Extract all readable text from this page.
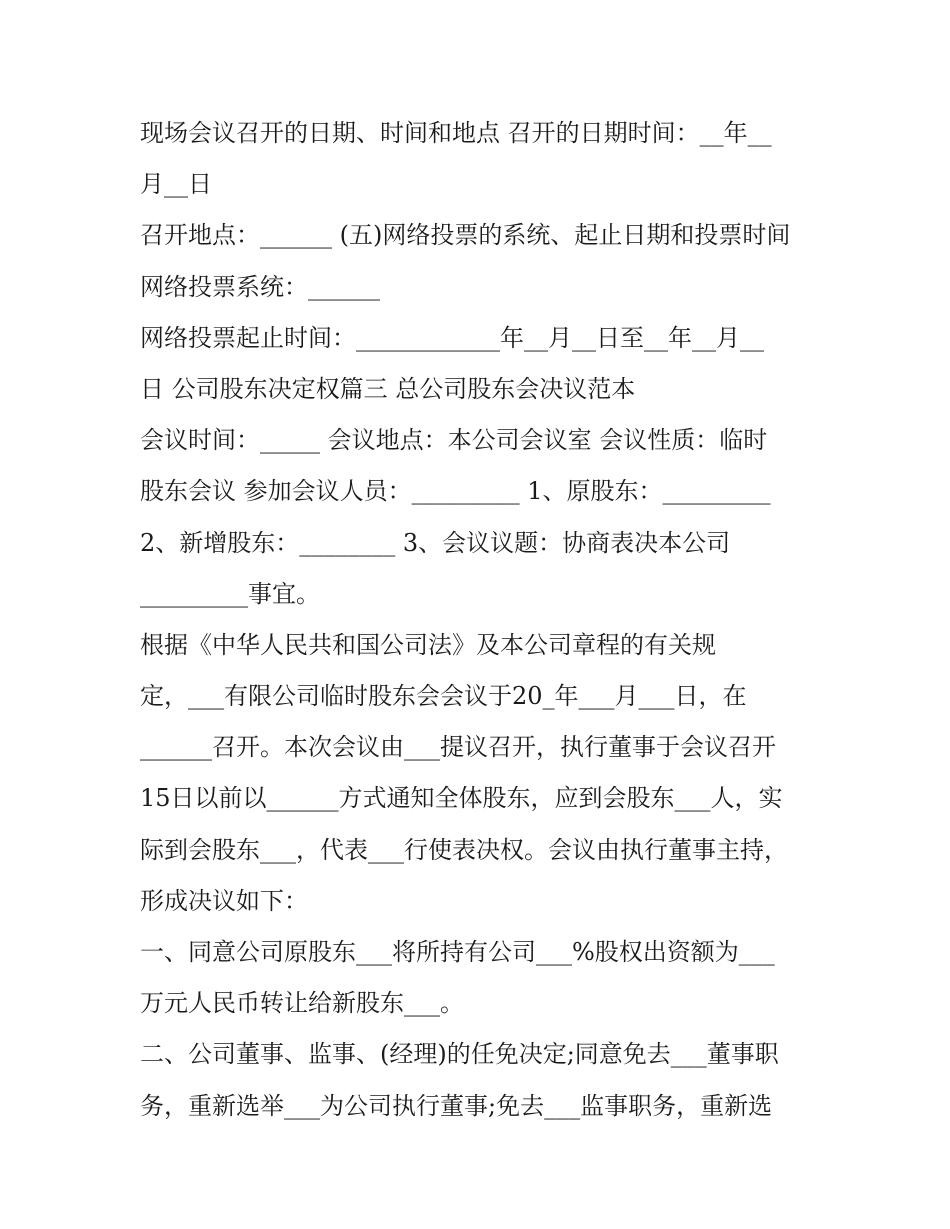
现场会议召开的日期、时间和地点 召开的日期时间：__年__
月__日
召开地点：______ (五)网络投票的系统、起止日期和投票时间
网络投票系统：______
网络投票起止时间：____________年__月__日至__年__月__
日 公司股东决定权篇三 总公司股东会决议范本
会议时间：_____ 会议地点：本公司会议室 会议性质：临时
股东会议 参加会议人员：_________ 1、原股东：_________
2、新增股东：________ 3、会议议题：协商表决本公司
_________事宜。
根据《中华人民共和国公司法》及本公司章程的有关规
定，___有限公司临时股东会会议于20_年___月___日，在
______召开。本次会议由___提议召开，执行董事于会议召开
15日以前以______方式通知全体股东，应到会股东___人，实
际到会股东___，代表___行使表决权。会议由执行董事主持，
形成决议如下：
一、同意公司原股东___将所持有公司___%股权出资额为___
万元人民币转让给新股东___。
二、公司董事、监事、(经理)的任免决定;同意免去___董事职
务，重新选举___为公司执行董事;免去___监事职务，重新选
